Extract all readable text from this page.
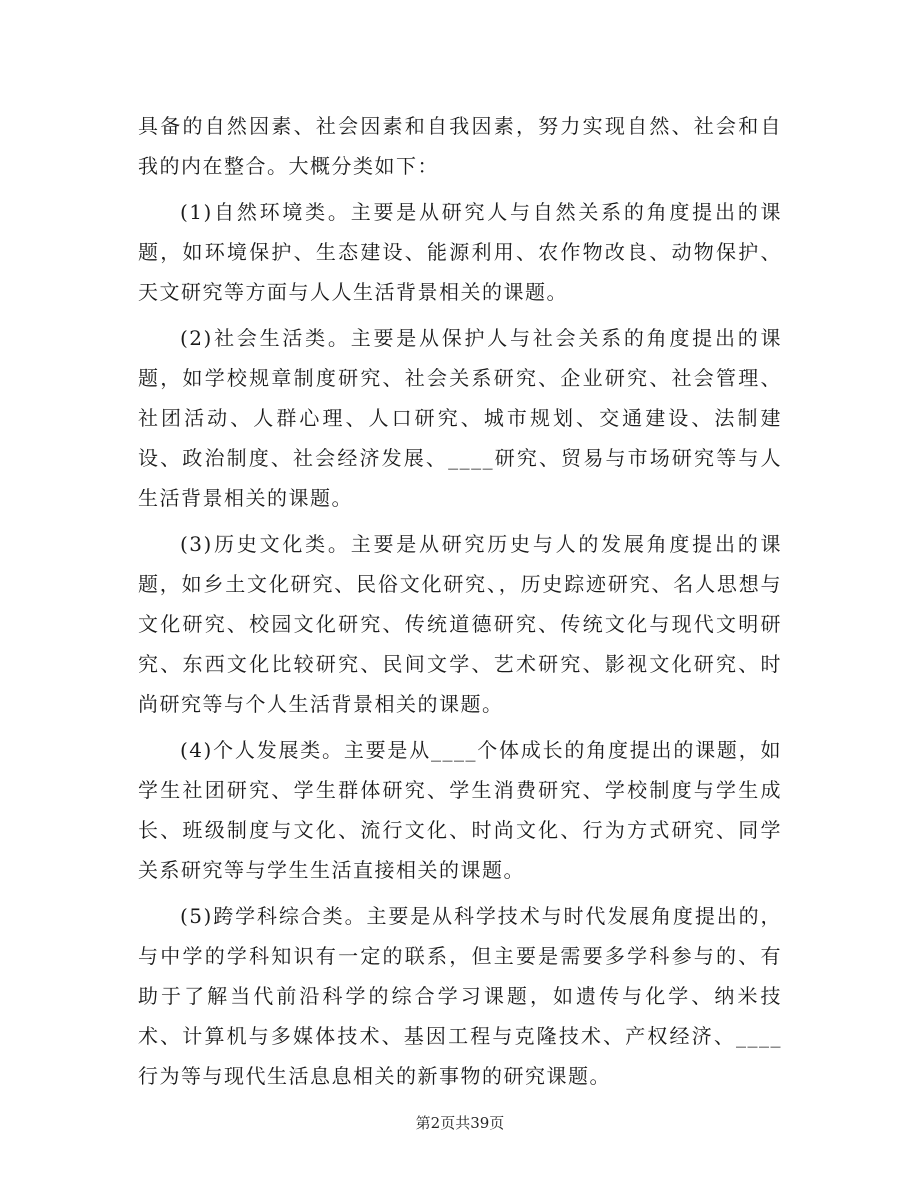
具备的自然因素、社会因素和自我因素，努力实现自然、社会和自我的内在整合。大概分类如下：

(1)自然环境类。主要是从研究人与自然关系的角度提出的课题，如环境保护、生态建设、能源利用、农作物改良、动物保护、天文研究等方面与人人生活背景相关的课题。

(2)社会生活类。主要是从保护人与社会关系的角度提出的课题，如学校规章制度研究、社会关系研究、企业研究、社会管理、社团活动、人群心理、人口研究、城市规划、交通建设、法制建设、政治制度、社会经济发展、____研究、贸易与市场研究等与人生活背景相关的课题。

(3)历史文化类。主要是从研究历史与人的发展角度提出的课题，如乡土文化研究、民俗文化研究、，历史踪迹研究、名人思想与文化研究、校园文化研究、传统道德研究、传统文化与现代文明研究、东西文化比较研究、民间文学、艺术研究、影视文化研究、时尚研究等与个人生活背景相关的课题。

(4)个人发展类。主要是从____个体成长的角度提出的课题，如学生社团研究、学生群体研究、学生消费研究、学校制度与学生成长、班级制度与文化、流行文化、时尚文化、行为方式研究、同学关系研究等与学生生活直接相关的课题。

(5)跨学科综合类。主要是从科学技术与时代发展角度提出的，与中学的学科知识有一定的联系，但主要是需要多学科参与的、有助于了解当代前沿科学的综合学习课题，如遗传与化学、纳米技术、计算机与多媒体技术、基因工程与克隆技术、产权经济、____行为等与现代生活息息相关的新事物的研究课题。

第2页共39页
